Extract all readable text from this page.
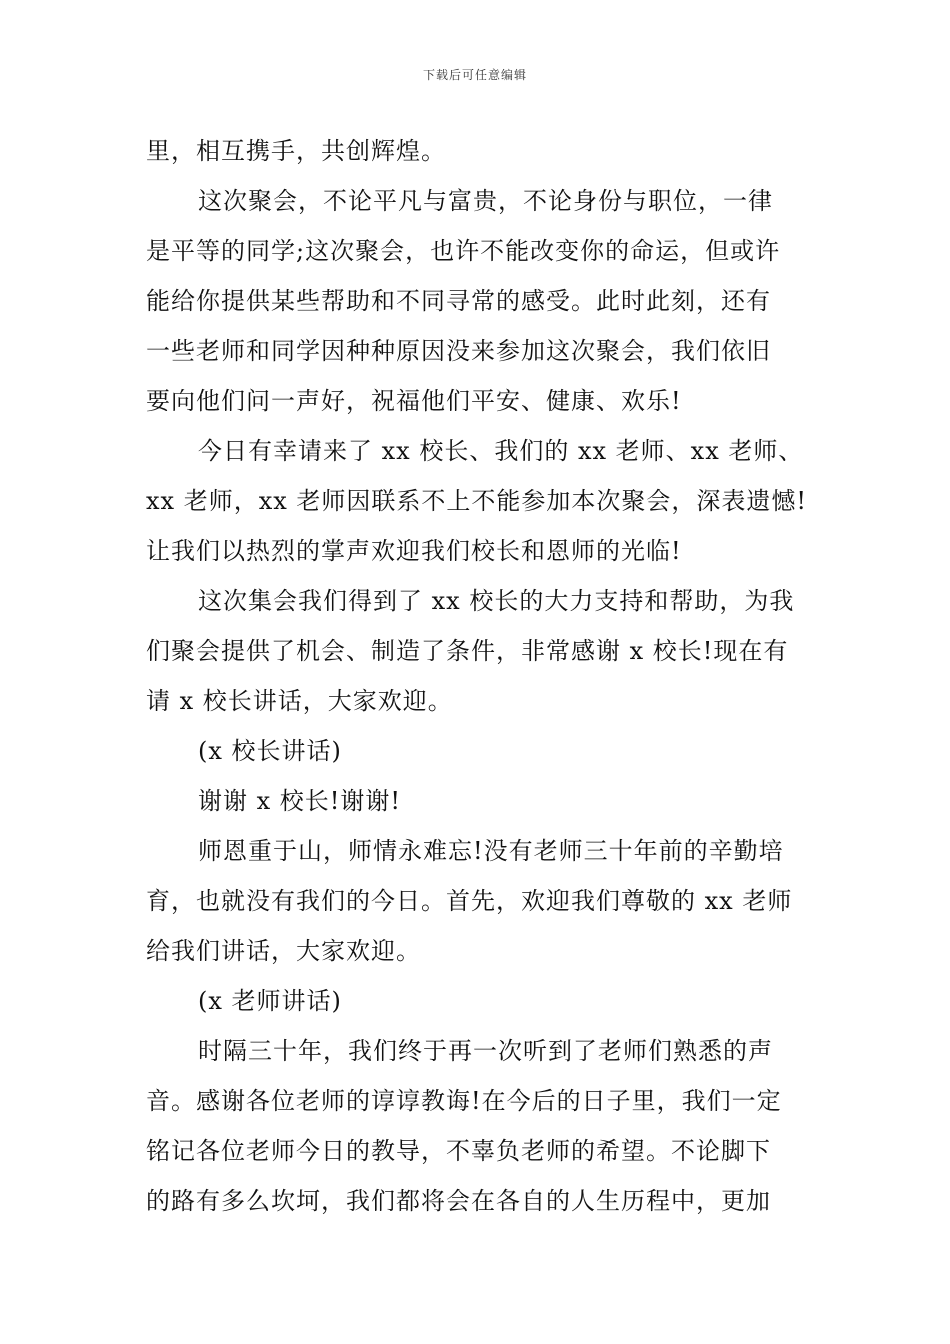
下载后可任意编辑
里，相互携手，共创辉煌。
这次聚会，不论平凡与富贵，不论身份与职位，一律
是平等的同学;这次聚会，也许不能改变你的命运，但或许
能给你提供某些帮助和不同寻常的感受。此时此刻，还有
一些老师和同学因种种原因没来参加这次聚会，我们依旧
要向他们问一声好，祝福他们平安、健康、欢乐!
今日有幸请来了 xx 校长、我们的 xx 老师、xx 老师、
xx 老师，xx 老师因联系不上不能参加本次聚会，深表遗憾!
让我们以热烈的掌声欢迎我们校长和恩师的光临!
这次集会我们得到了 xx 校长的大力支持和帮助，为我
们聚会提供了机会、制造了条件，非常感谢 x 校长!现在有
请 x 校长讲话，大家欢迎。
(x 校长讲话)
谢谢 x 校长!谢谢!
师恩重于山，师情永难忘!没有老师三十年前的辛勤培
育，也就没有我们的今日。首先，欢迎我们尊敬的 xx 老师
给我们讲话，大家欢迎。
(x 老师讲话)
时隔三十年，我们终于再一次听到了老师们熟悉的声
音。感谢各位老师的谆谆教诲!在今后的日子里，我们一定
铭记各位老师今日的教导，不辜负老师的希望。不论脚下
的路有多么坎坷，我们都将会在各自的人生历程中，更加
